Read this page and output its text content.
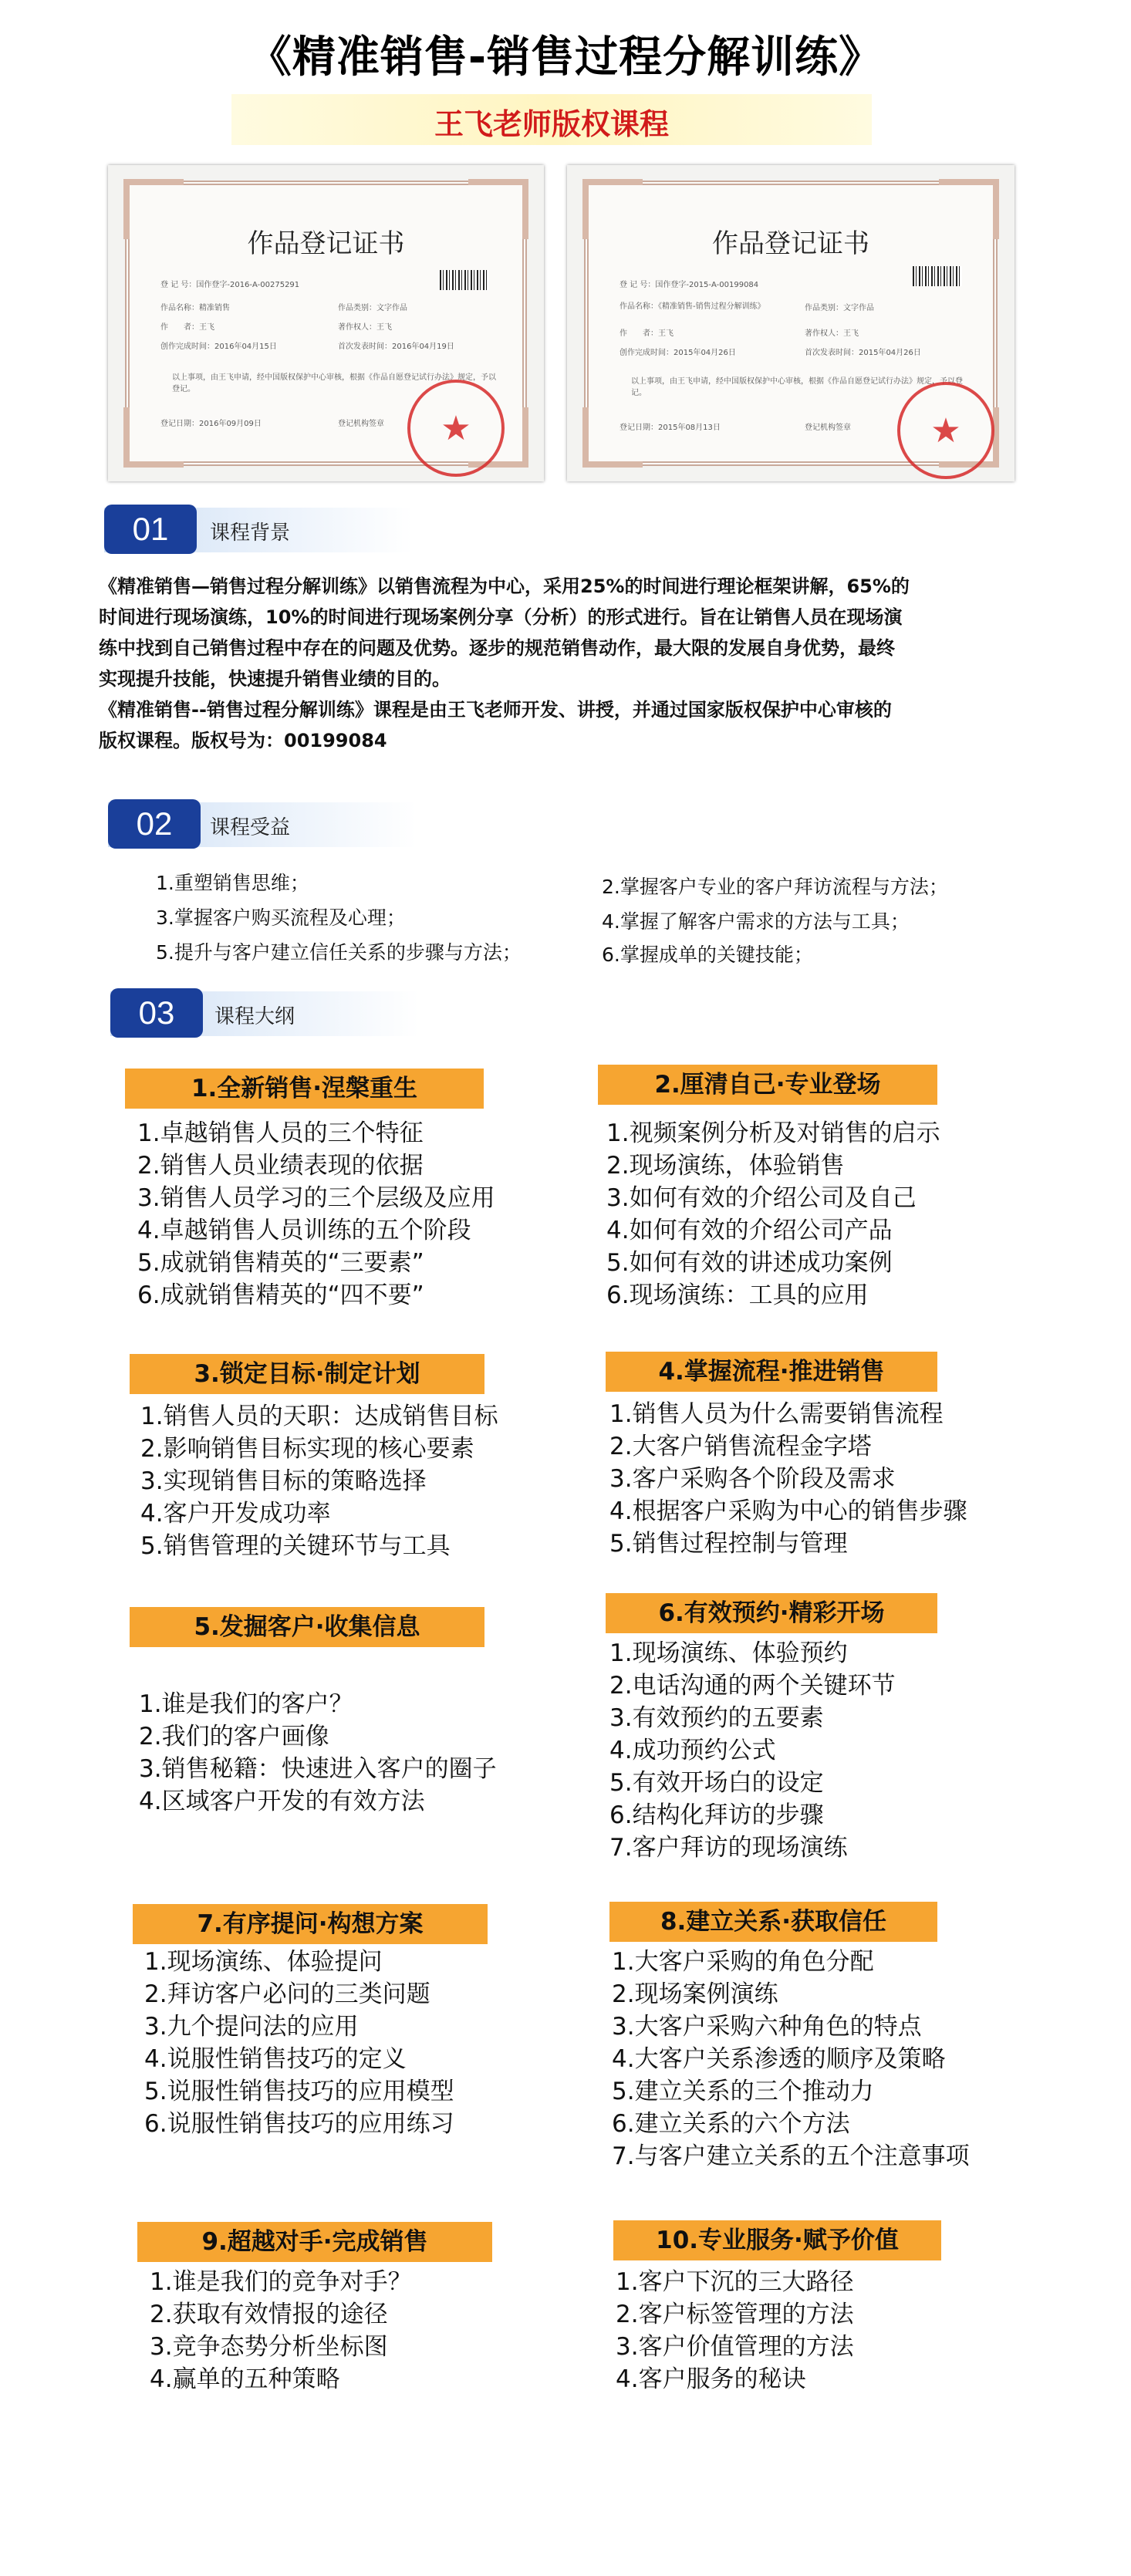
《精准销售-销售过程分解训练》
王飞老师版权课程
作品登记证书
登 记 号：国作登字-2016-A-00275291
作品名称：精准销售	作品类别：文字作品
作　　者：王飞	著作权人：王飞
创作完成时间：2016年04月15日	首次发表时间：2016年04月19日
以上事项，由王飞申请，经中国版权保护中心审核，根据《作品自愿登记试行办法》规定，予以登记。
登记日期：2016年09月09日	登记机构签章	★
作品登记证书
登 记 号：国作登字-2015-A-00199084
作品名称：《精准销售-销售过程分解训练》	作品类别：文字作品
作　　者：王飞	著作权人：王飞
创作完成时间：2015年04月26日	首次发表时间：2015年04月26日
以上事项，由王飞申请，经中国版权保护中心审核，根据《作品自愿登记试行办法》规定，予以登记。
登记日期：2015年08月13日	登记机构签章	★
01	课程背景
《精准销售—销售过程分解训练》以销售流程为中心，采用25%的时间进行理论框架讲解，65%的
时间进行现场演练，10%的时间进行现场案例分享（分析）的形式进行。旨在让销售人员在现场演
练中找到自己销售过程中存在的问题及优势。逐步的规范销售动作，最大限的发展自身优势，最终
实现提升技能，快速提升销售业绩的目的。
《精准销售--销售过程分解训练》课程是由王飞老师开发、讲授，并通过国家版权保护中心审核的
版权课程。版权号为：00199084
02	课程受益
1.重塑销售思维；	2.掌握客户专业的客户拜访流程与方法；
3.掌握客户购买流程及心理；	4.掌握了解客户需求的方法与工具；
5.提升与客户建立信任关系的步骤与方法；	6.掌握成单的关键技能；
03	课程大纲
1.全新销售·涅槃重生
1.卓越销售人员的三个特征
2.销售人员业绩表现的依据
3.销售人员学习的三个层级及应用
4.卓越销售人员训练的五个阶段
5.成就销售精英的“三要素”
6.成就销售精英的“四不要”
2.厘清自己·专业登场
1.视频案例分析及对销售的启示
2.现场演练，体验销售
3.如何有效的介绍公司及自己
4.如何有效的介绍公司产品
5.如何有效的讲述成功案例
6.现场演练：工具的应用
3.锁定目标·制定计划
1.销售人员的天职：达成销售目标
2.影响销售目标实现的核心要素
3.实现销售目标的策略选择
4.客户开发成功率
5.销售管理的关键环节与工具
4.掌握流程·推进销售
1.销售人员为什么需要销售流程
2.大客户销售流程金字塔
3.客户采购各个阶段及需求
4.根据客户采购为中心的销售步骤
5.销售过程控制与管理
5.发掘客户·收集信息
1.谁是我们的客户？
2.我们的客户画像
3.销售秘籍：快速进入客户的圈子
4.区域客户开发的有效方法
6.有效预约·精彩开场
1.现场演练、体验预约
2.电话沟通的两个关键环节
3.有效预约的五要素
4.成功预约公式
5.有效开场白的设定
6.结构化拜访的步骤
7.客户拜访的现场演练
7.有序提问·构想方案
1.现场演练、体验提问
2.拜访客户必问的三类问题
3.九个提问法的应用
4.说服性销售技巧的定义
5.说服性销售技巧的应用模型
6.说服性销售技巧的应用练习
8.建立关系·获取信任
1.大客户采购的角色分配
2.现场案例演练
3.大客户采购六种角色的特点
4.大客户关系渗透的顺序及策略
5.建立关系的三个推动力
6.建立关系的六个方法
7.与客户建立关系的五个注意事项
9.超越对手·完成销售
1.谁是我们的竞争对手？
2.获取有效情报的途径
3.竞争态势分析坐标图
4.赢单的五种策略
10.专业服务·赋予价值
1.客户下沉的三大路径
2.客户标签管理的方法
3.客户价值管理的方法
4.客户服务的秘诀
